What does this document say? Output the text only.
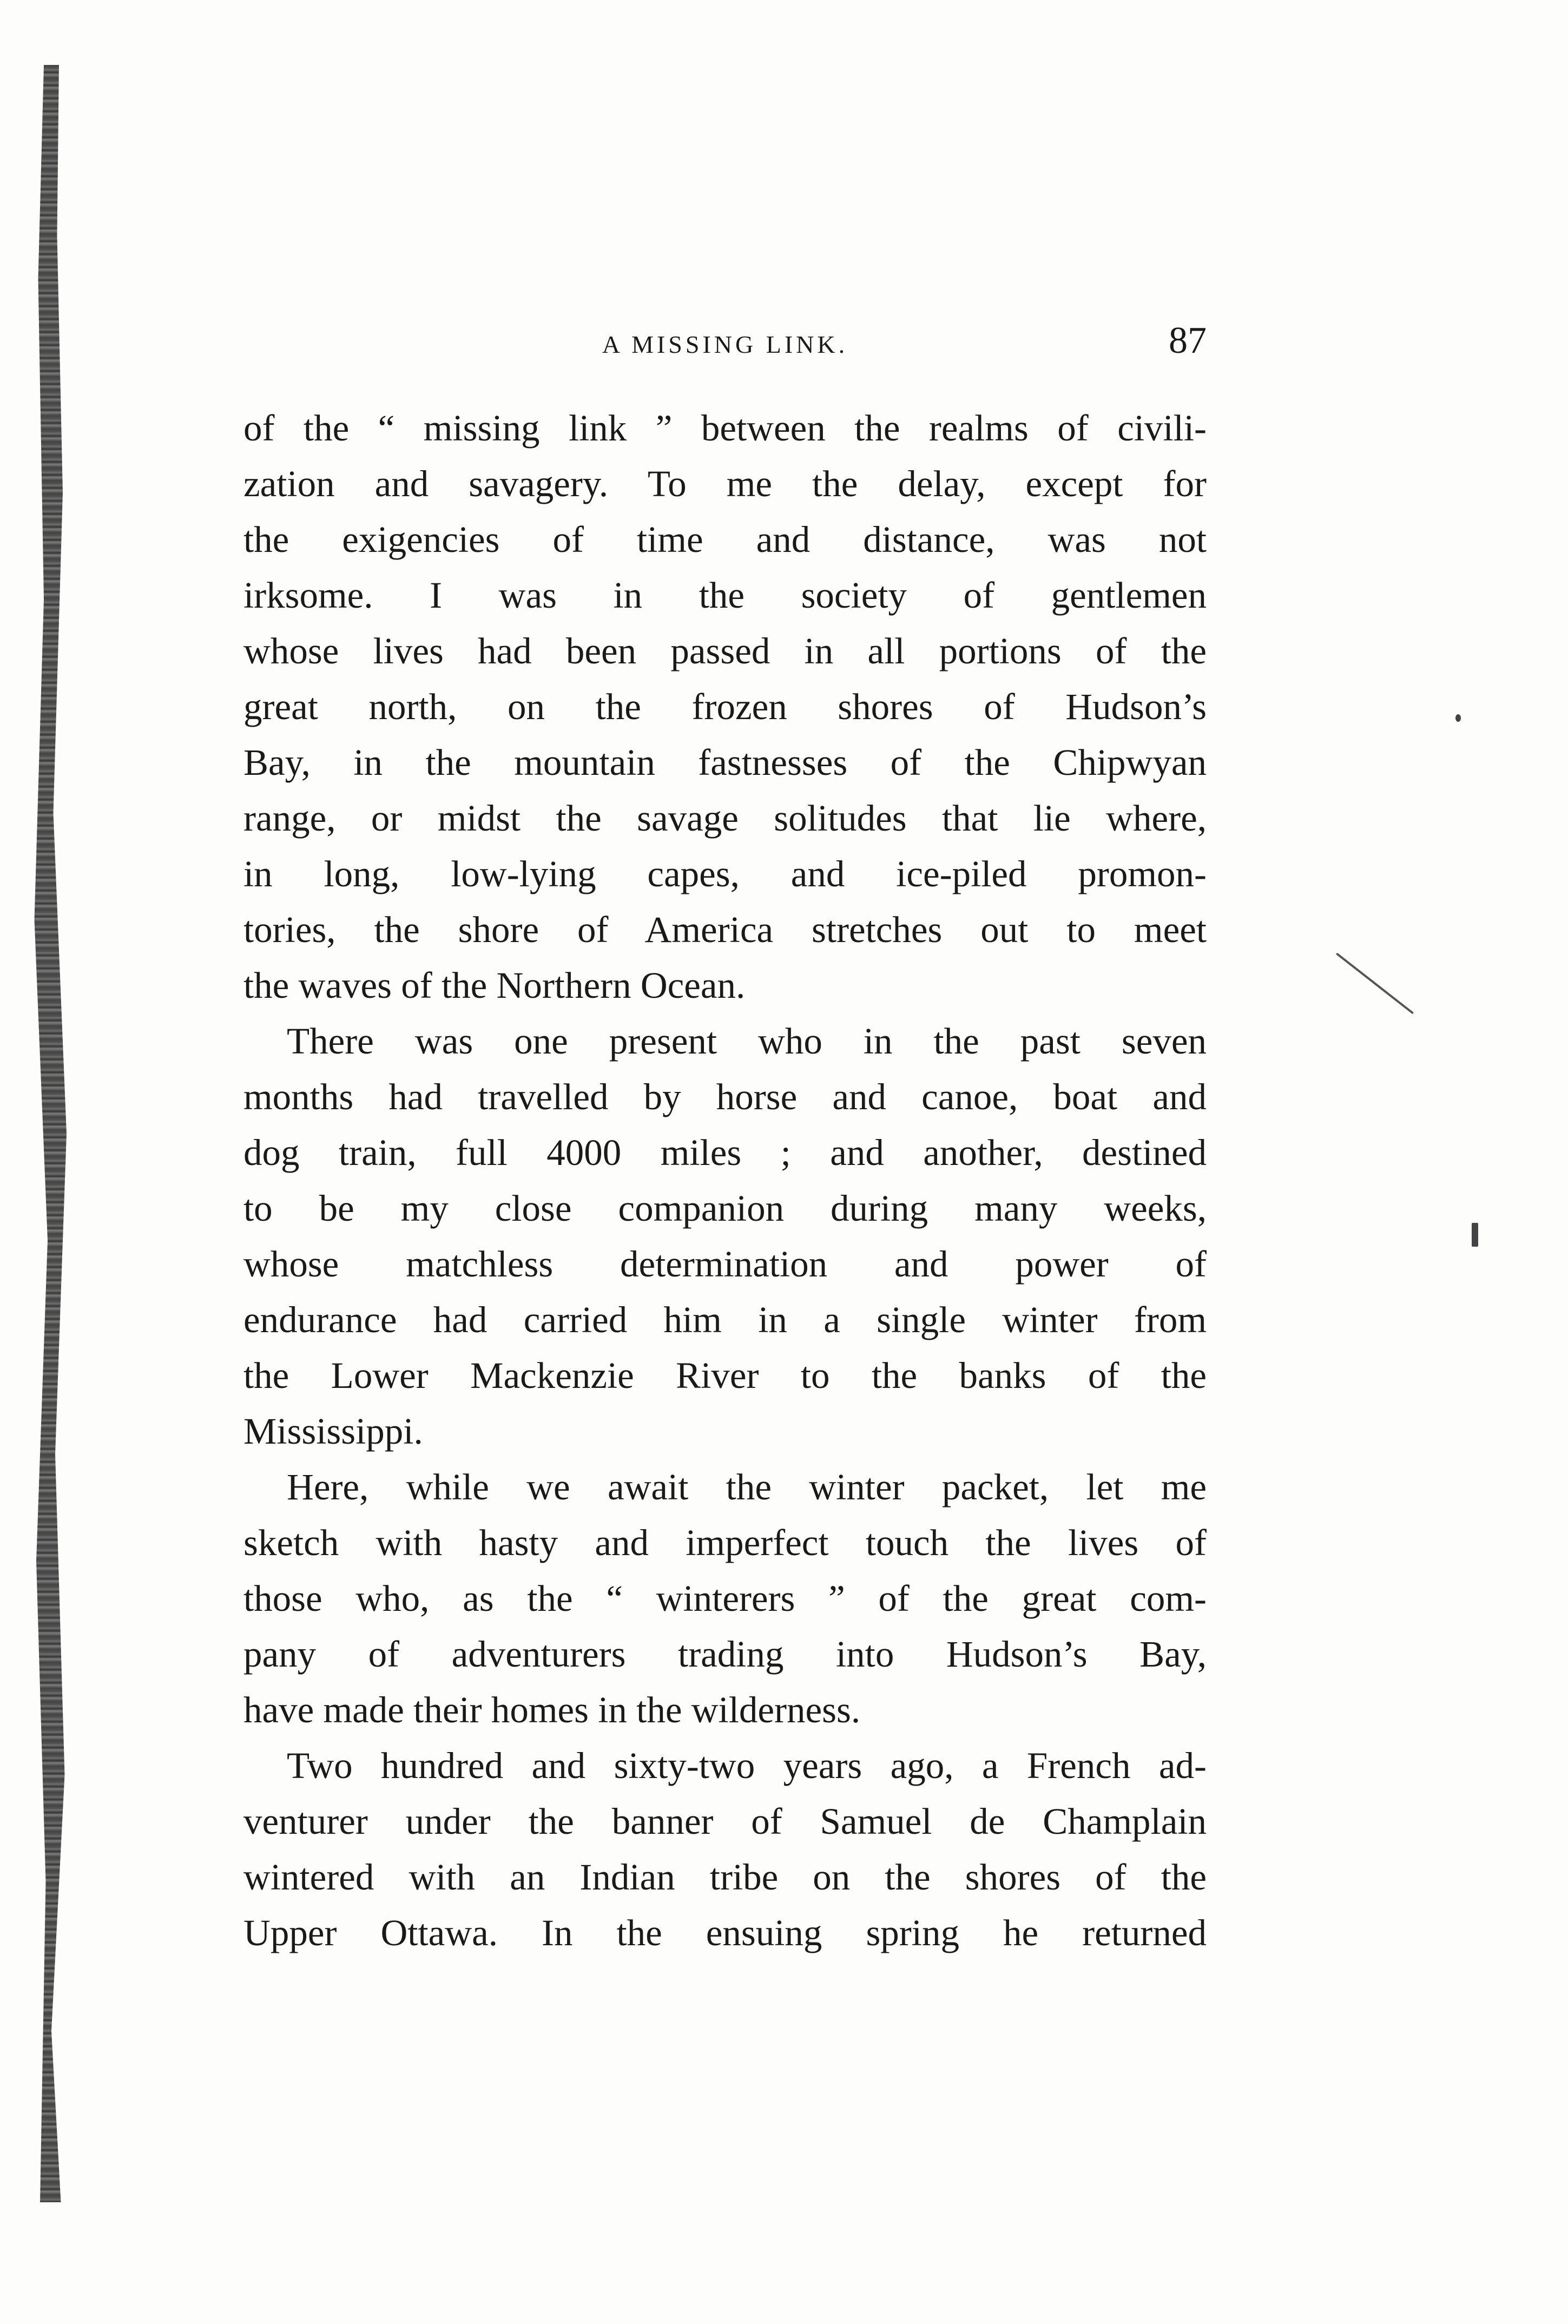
A MISSING LINK.	87
of the “ missing link ” between the realms of civili-
zation and savagery. To me the delay, except for
the exigencies of time and distance, was not
irksome. I was in the society of gentlemen
whose lives had been passed in all portions of the
great north, on the frozen shores of Hudson’s
Bay, in the mountain fastnesses of the Chipwyan
range, or midst the savage solitudes that lie where,
in long, low-lying capes, and ice-piled promon-
tories, the shore of America stretches out to meet
the waves of the Northern Ocean.
There was one present who in the past seven
months had travelled by horse and canoe, boat and
dog train, full 4000 miles ; and another, destined
to be my close companion during many weeks,
whose matchless determination and power of
endurance had carried him in a single winter from
the Lower Mackenzie River to the banks of the
Mississippi.
Here, while we await the winter packet, let me
sketch with hasty and imperfect touch the lives of
those who, as the “ winterers ” of the great com-
pany of adventurers trading into Hudson’s Bay,
have made their homes in the wilderness.
Two hundred and sixty-two years ago, a French ad-
venturer under the banner of Samuel de Champlain
wintered with an Indian tribe on the shores of the
Upper Ottawa. In the ensuing spring he returned
